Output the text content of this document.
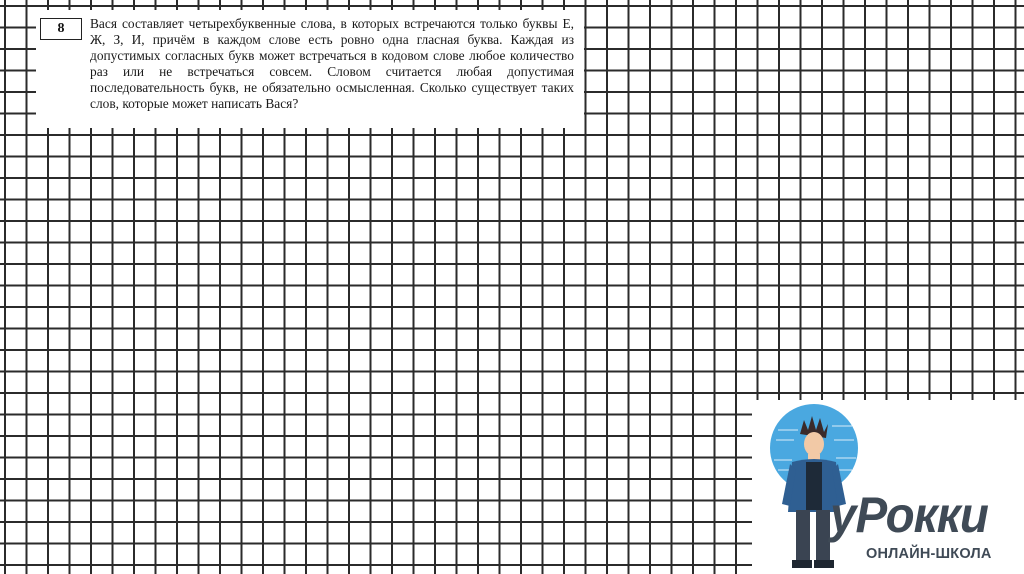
8	Вася составляет четырехбуквенные слова, в которых встречаются только буквы Е, Ж, З, И, причём в каждом слове есть ровно одна гласная буква. Каждая из допустимых согласных букв может встречаться в кодовом слове любое количество раз или не встречаться совсем. Словом считается любая допустимая последовательность букв, не обязательно осмысленная. Сколько существует таких слов, которые может написать Вася?
уРокки
ОНЛАЙН-ШКОЛА
